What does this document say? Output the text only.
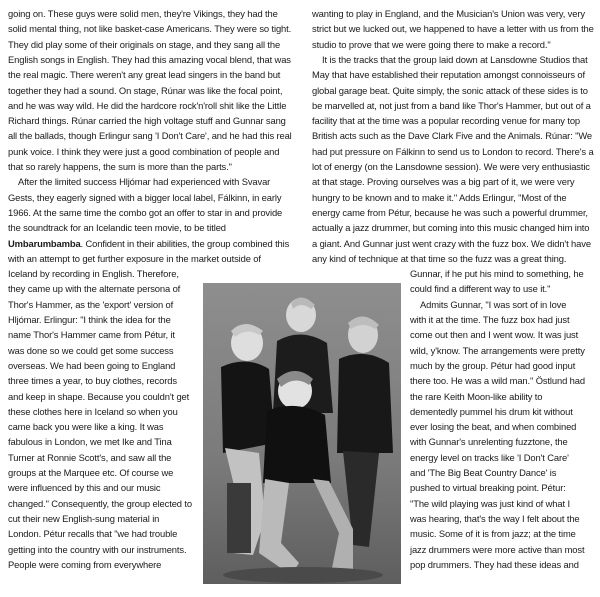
going on. These guys were solid men, they're Vikings, they had the
solid mental thing, not like basket-case Americans. They were so tight.
They did play some of their originals on stage, and they sang all the
English songs in English. They had this amazing vocal blend, that was
the real magic. There weren't any great lead singers in the band but
together they had a sound. On stage, Rúnar was like the focal point,
and he was way wild. He did the hardcore rock'n'roll shit like the Little
Richard things. Rúnar carried the high voltage stuff and Gunnar sang
all the ballads, though Erlingur sang 'I Don't Care', and he had this real
punk voice. I think they were just a good combination of people and
that so rarely happens, the sum is more than the parts."
After the limited success Hljómar had experienced with Svavar
Gests, they eagerly signed with a bigger local label, Fálkinn, in early
1966. At the same time the combo got an offer to star in and provide
the soundtrack for an Icelandic teen movie, to be titled
Umbarumbamba. Confident in their abilities, the group combined this
with an attempt to get further exposure in the market outside of
Iceland by recording in English. Therefore,
they came up with the alternate persona of
Thor's Hammer, as the 'export' version of
Hljómar. Erlingur: "I think the idea for the
name Thor's Hammer came from Pétur, it
was done so we could get some success
overseas. We had been going to England
three times a year, to buy clothes, records
and keep in shape. Because you couldn't get
these clothes here in Iceland so when you
came back you were like a king. It was
fabulous in London, we met Ike and Tina
Turner at Ronnie Scott's, and saw all the
groups at the Marquee etc. Of course we
were influenced by this and our music
changed." Consequently, the group elected to
cut their new English-sung material in
London. Pétur recalls that "we had trouble
getting into the country with our instruments.
People were coming from everywhere
wanting to play in England, and the Musician's Union was very, very
strict but we lucked out, we happened to have a letter with us from the
studio to prove that we were going there to make a record."
It is the tracks that the group laid down at Lansdowne Studios that
May that have established their reputation amongst connoisseurs of
global garage beat. Quite simply, the sonic attack of these sides is to
be marvelled at, not just from a band like Thor's Hammer, but out of a
facility that at the time was a popular recording venue for many top
British acts such as the Dave Clark Five and the Animals. Rúnar: "We
had put pressure on Fálkinn to send us to London to record. There's a
lot of energy (on the Lansdowne session). We were very enthusiastic
at that stage. Proving ourselves was a big part of it, we were very
hungry to be known and to make it." Adds Erlingur, "Most of the
energy came from Pétur, because he was such a powerful drummer,
actually a jazz drummer, but coming into this music changed him into
a giant. And Gunnar just went crazy with the fuzz box. We didn't have
any kind of technique at that time so the fuzz was a great thing.
Gunnar, if he put his mind to something, he
could find a different way to use it."
Admits Gunnar, "I was sort of in love
with it at the time. The fuzz box had just
come out then and I went wow. It was just
wild, y'know. The arrangements were pretty
much by the group. Pétur had good input
there too. He was a wild man." Östlund had
the rare Keith Moon-like ability to
dementedly pummel his drum kit without
ever losing the beat, and when combined
with Gunnar's unrelenting fuzztone, the
energy level on tracks like 'I Don't Care'
and 'The Big Beat Country Dance' is
pushed to virtual breaking point. Pétur:
"The wild playing was just kind of what I
was hearing, that's the way I felt about the
music. Some of it is from jazz; at the time
jazz drummers were more active than most
pop drummers. They had these ideas and
